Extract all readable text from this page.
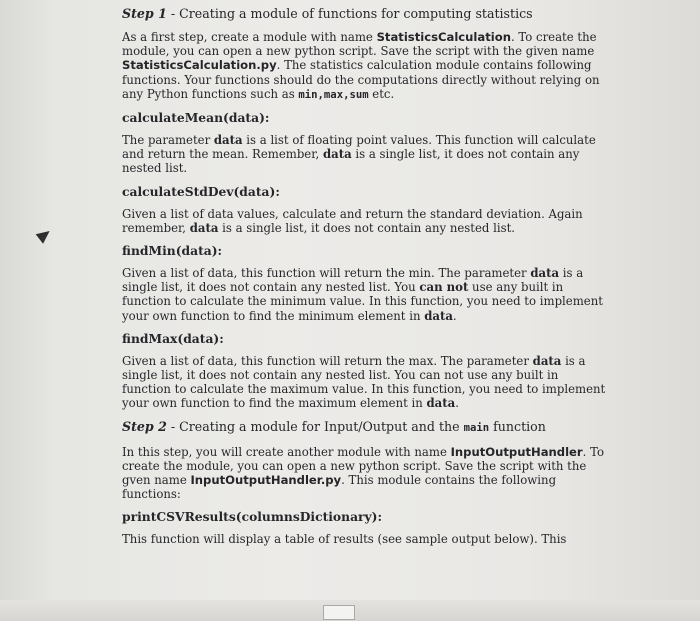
Step 1 - Creating a module of functions for computing statistics

As a first step, create a module with name StatisticsCalculation. To create the module, you can open a new python script. Save the script with the given name StatisticsCalculation.py. The statistics calculation module contains following functions. Your functions should do the computations directly without relying on any Python functions such as min,max,sum etc.

calculateMean(data):

The parameter data is a list of floating point values. This function will calculate and return the mean. Remember, data is a single list, it does not contain any nested list.

calculateStdDev(data):

Given a list of data values, calculate and return the standard deviation. Again remember, data is a single list, it does not contain any nested list.

findMin(data):

Given a list of data, this function will return the min. The parameter data is a single list, it does not contain any nested list. You can not use any built in function to calculate the minimum value. In this function, you need to implement your own function to find the minimum element in data.

findMax(data):

Given a list of data, this function will return the max. The parameter data is a single list, it does not contain any nested list. You can not use any built in function to calculate the maximum value. In this function, you need to implement your own function to find the maximum element in data.

Step 2 - Creating a module for Input/Output and the main function

In this step, you will create another module with name InputOutputHandler. To create the module, you can open a new python script. Save the script with the gven name InputOutputHandler.py. This module contains the following functions:

printCSVResults(columnsDictionary):

This function will display a table of results (see sample output below). This
